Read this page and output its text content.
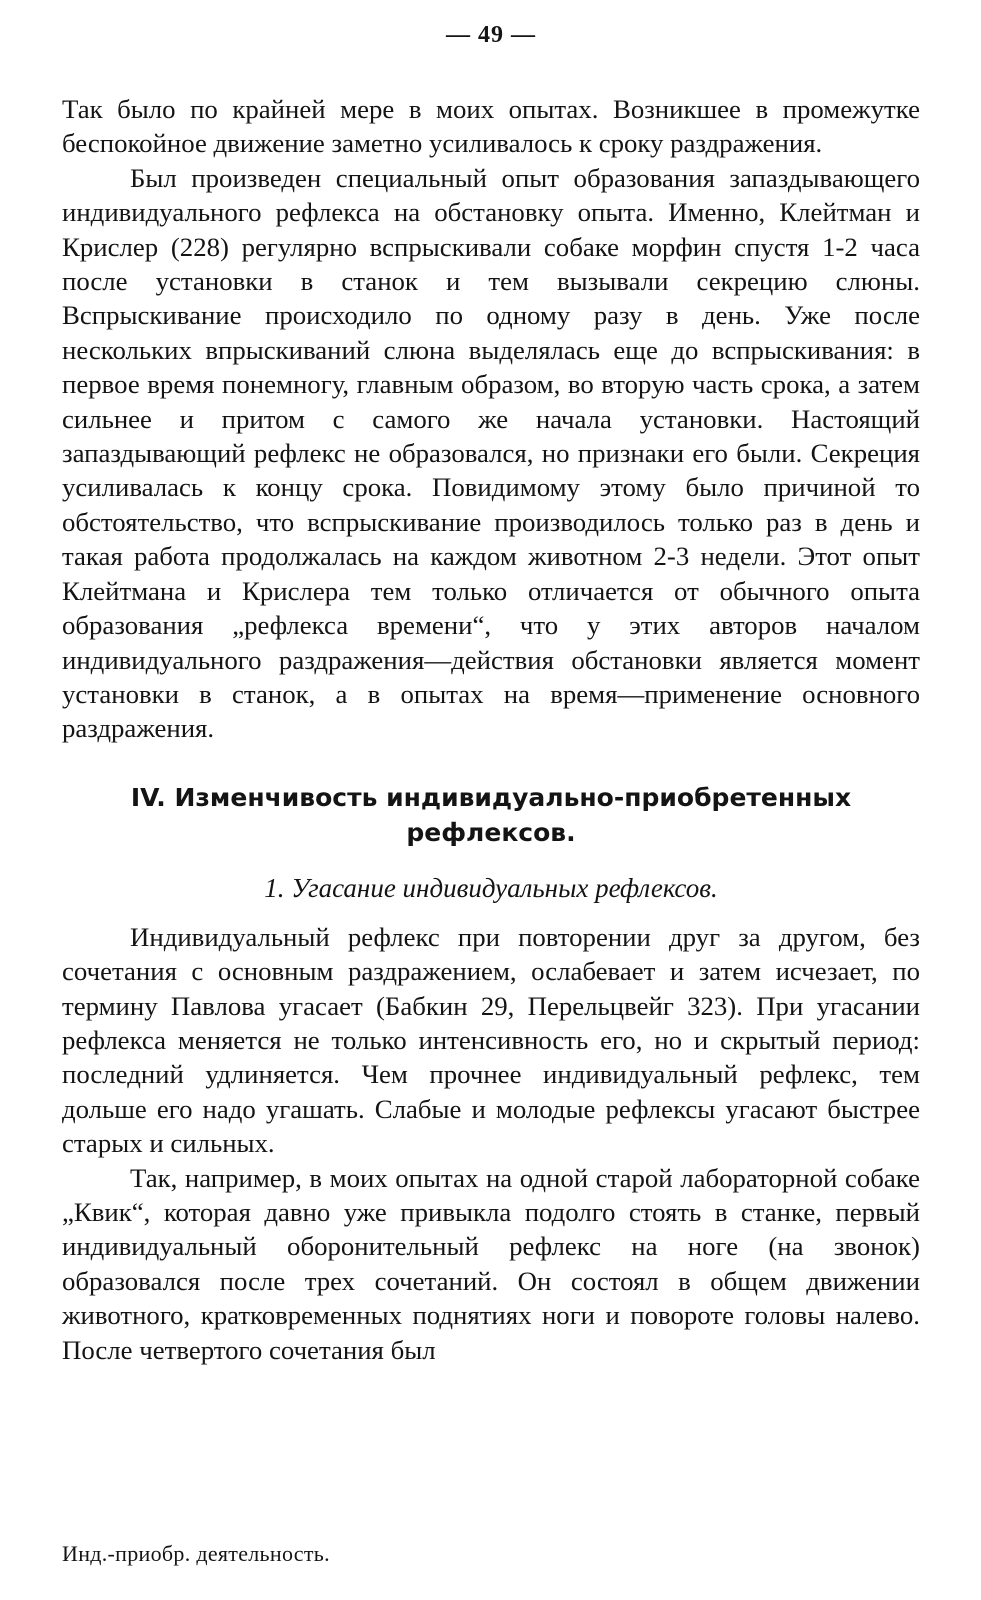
— 49 —

Так было по крайней мере в моих опытах. Возникшее в промежутке беспокойное движение заметно усиливалось к сроку раздражения.

Был произведен специальный опыт образования запаздывающего индивидуального рефлекса на обстановку опыта. Именно, Клейтман и Крислер (228) регулярно вспрыскивали собаке морфин спустя 1-2 часа после установки в станок и тем вызывали секрецию слюны. Вспрыскивание происходило по одному разу в день. Уже после нескольких впрыскиваний слюна выделялась еще до вспрыскивания: в первое время понемногу, главным образом, во вторую часть срока, а затем сильнее и притом с самого же начала установки. Настоящий запаздывающий рефлекс не образовался, но признаки его были. Секреция усиливалась к концу срока. Повидимому этому было причиной то обстоятельство, что вспрыскивание производилось только раз в день и такая работа продолжалась на каждом животном 2-3 недели. Этот опыт Клейтмана и Крислера тем только отличается от обычного опыта образования „рефлекса времени“, что у этих авторов началом индивидуального раздражения—действия обстановки является момент установки в станок, а в опытах на время—применение основного раздражения.

IV. Изменчивость индивидуально-приобретенных рефлексов.
1. Угасание индивидуальных рефлексов.

Индивидуальный рефлекс при повторении друг за другом, без сочетания с основным раздражением, ослабевает и затем исчезает, по термину Павлова угасает (Бабкин 29, Перельцвейг 323). При угасании рефлекса меняется не только интенсивность его, но и скрытый период: последний удлиняется. Чем прочнее индивидуальный рефлекс, тем дольше его надо угашать. Слабые и молодые рефлексы угасают быстрее старых и сильных.

Так, например, в моих опытах на одной старой лабораторной собаке „Квик“, которая давно уже привыкла подолго стоять в станке, первый индивидуальный оборонительный рефлекс на ноге (на звонок) образовался после трех сочетаний. Он состоял в общем движении животного, кратковременных поднятиях ноги и повороте головы налево. После четвертого сочетания был

Инд.-приобр. деятельность.
